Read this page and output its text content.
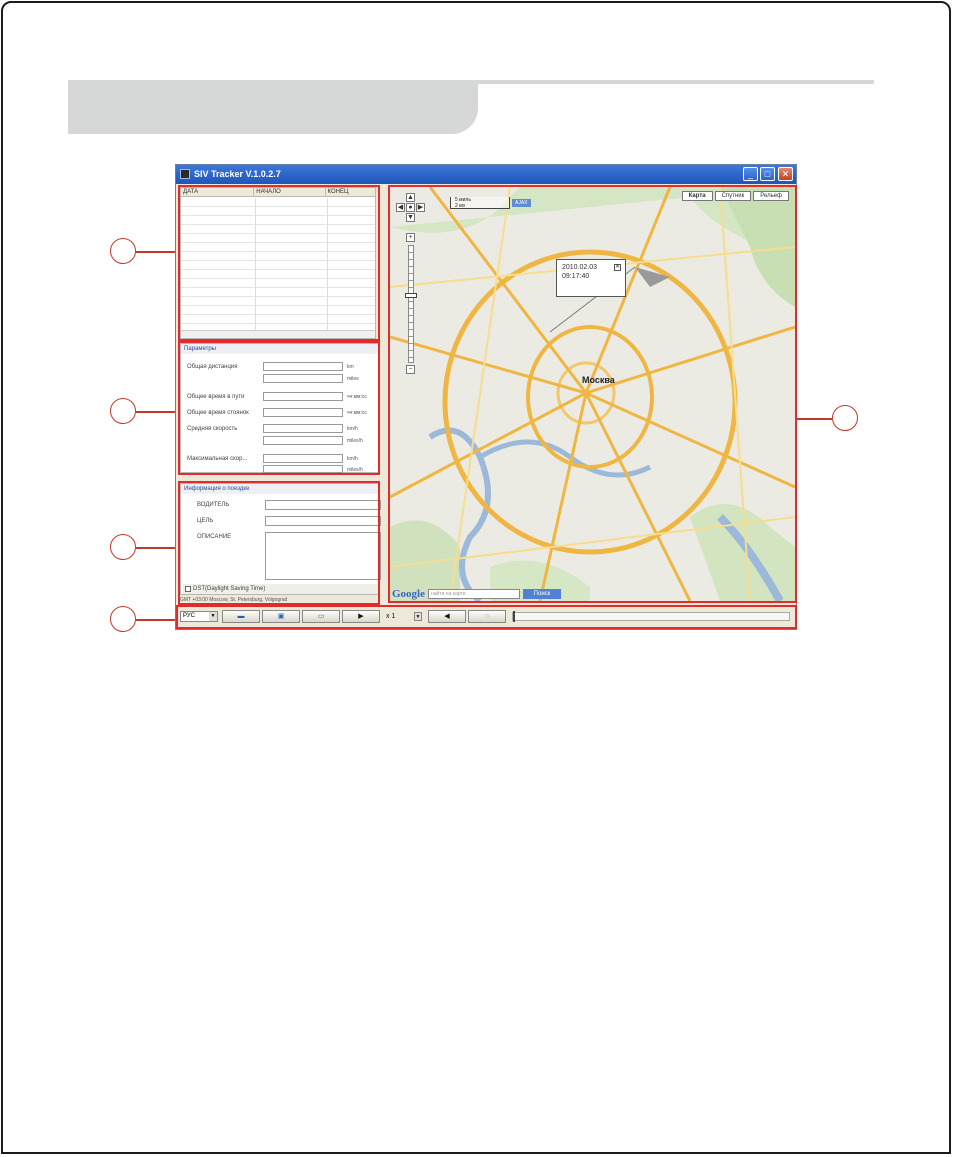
SIV Tracker V.1.0.2.7	_	□	✕
ДАТА	НАЧАЛО	КОНЕЦ
Параметры
Общая дистанция	km
miles
Общее время в пути	чч:мм:сс
Общее время стоянок	чч:мм:сс
Средняя скорость	km/h
miles/h
Максимальная скор...	km/h
miles/h
Информация о поездке
ВОДИТЕЛЬ
ЦЕЛЬ
ОПИСАНИЕ
DST(Daylight Saving Time)
GMT +03:00 Moscow, St. Petersburg, Volgograd
▲
◀ ● ▶
▼
+
−
5 миль
2 км	AJAX
Карта	Спутник	Рельеф
2010.02.03
09:17:40
✕
Москва
Google	найти на карте	Поиск
РУС	▼	▬	▣	▭	▶	x 1	▼	◀	○
